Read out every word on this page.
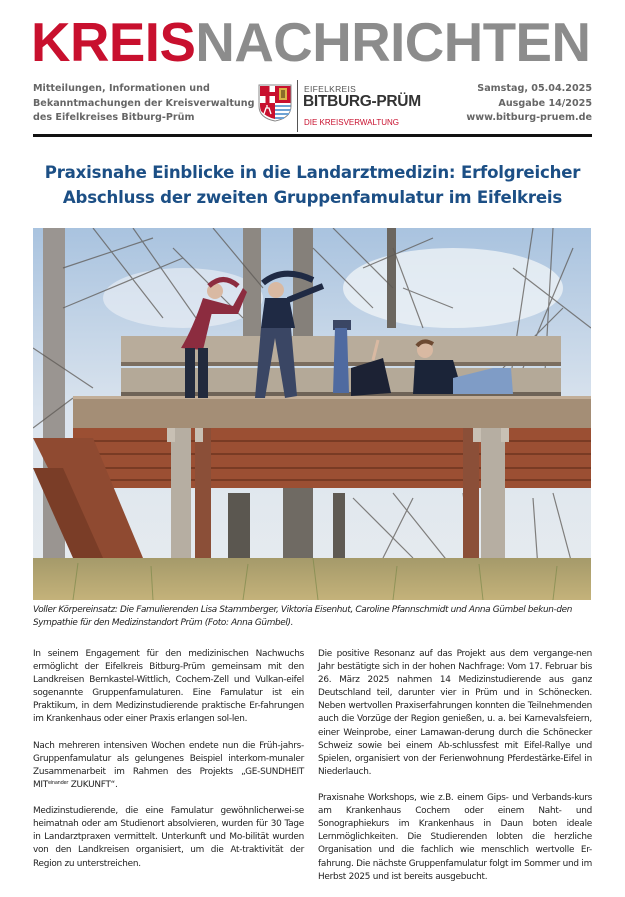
KREISNACHRICHTEN
Mitteilungen, Informationen und
Bekanntmachungen der Kreisverwaltung
des Eifelkreises Bitburg-Prüm
EIFELKREIS
BITBURG-PRÜM
DIE KREISVERWALTUNG
Samstag, 05.04.2025
Ausgabe 14/2025
www.bitburg-pruem.de
Praxisnahe Einblicke in die Landarztmedizin: Erfolgreicher
Abschluss der zweiten Gruppenfamulatur im Eifelkreis

Voller Körpereinsatz: Die Famulierenden Lisa Stammberger, Viktoria Eisenhut, Caroline Pfannschmidt und Anna Gümbel bekun-den Sympathie für den Medizinstandort Prüm (Foto: Anna Gümbel).

In seinem Engagement für den medizinischen Nachwuchs ermöglicht der Eifelkreis Bitburg-Prüm gemeinsam mit den Landkreisen Bernkastel-Wittlich, Cochem-Zell und Vulkan-eifel sogenannte Gruppenfamulaturen. Eine Famulatur ist ein Praktikum, in dem Medizinstudierende praktische Er-fahrungen im Krankenhaus oder einer Praxis erlangen sol-len.

Nach mehreren intensiven Wochen endete nun die Früh-jahrs-Gruppenfamulatur als gelungenes Beispiel interkom-munaler Zusammenarbeit im Rahmen des Projekts „GE-SUNDHEIT $MIT^{einander}$ ZUKUNFT“.

Medizinstudierende, die eine Famulatur gewöhnlicherwei-se heimatnah oder am Studienort absolvieren, wurden für 30 Tage in Landarztpraxen vermittelt. Unterkunft und Mo-bilität wurden von den Landkreisen organisiert, um die At-traktivität der Region zu unterstreichen.

Die positive Resonanz auf das Projekt aus dem vergange-nen Jahr bestätigte sich in der hohen Nachfrage: Vom 17. Februar bis 26. März 2025 nahmen 14 Medizinstudierende aus ganz Deutschland teil, darunter vier in Prüm und in Schönecken. Neben wertvollen Praxiserfahrungen konnten die Teilnehmenden auch die Vorzüge der Region genießen, u. a. bei Karnevalsfeiern, einer Weinprobe, einer Lamawan-derung durch die Schönecker Schweiz sowie bei einem Ab-schlussfest mit Eifel-Rallye und Spielen, organisiert von der Ferienwohnung Pferdestärke-Eifel in Niederlauch.

Praxisnahe Workshops, wie z.B. einem Gips- und Verbands-kurs am Krankenhaus Cochem oder einem Naht- und Sonographiekurs im Krankenhaus in Daun boten ideale Lernmöglichkeiten. Die Studierenden lobten die herzliche Organisation und die fachlich wie menschlich wertvolle Er-fahrung. Die nächste Gruppenfamulatur folgt im Sommer und im Herbst 2025 und ist bereits ausgebucht.
